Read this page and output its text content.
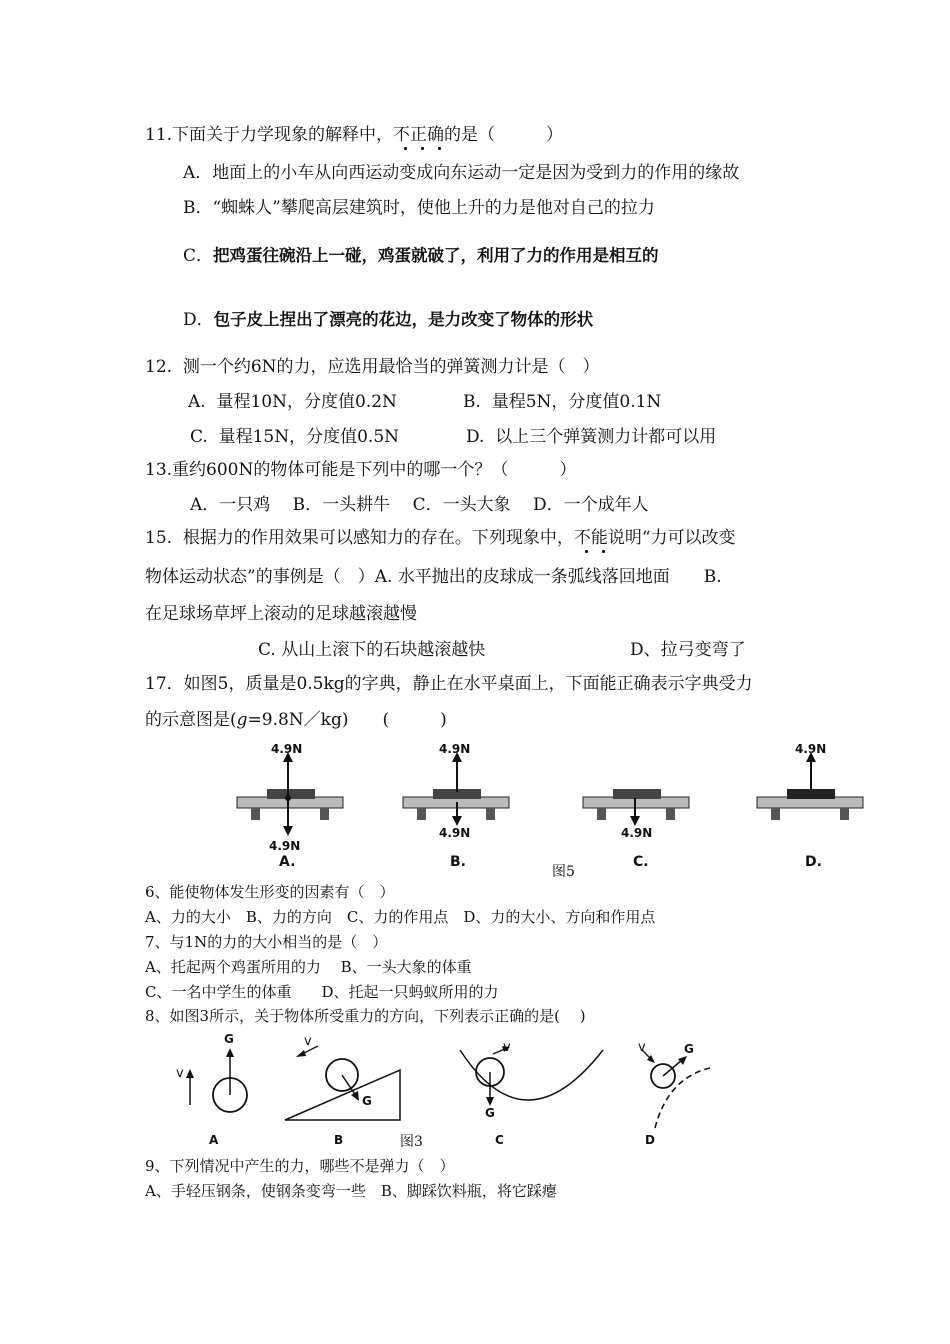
11.下面关于力学现象的解释中，不正确的是（　　　）
A．地面上的小车从向西运动变成向东运动一定是因为受到力的作用的缘故
B．“蜘蛛人”攀爬高层建筑时，使他上升的力是他对自己的拉力
C．把鸡蛋往碗沿上一碰，鸡蛋就破了，利用了力的作用是相互的
D．包子皮上捏出了漂亮的花边，是力改变了物体的形状
12.  测一个约6N的力，应选用最恰当的弹簧测力计是（　）
A.  量程10N，分度值0.2N	B.  量程5N，分度值0.1N
C.  量程15N，分度值0.5N	D.  以上三个弹簧测力计都可以用
13.重约600N的物体可能是下列中的哪一个？（　　　）
A．一只鸡　 B．一头耕牛　 C．一头大象　 D．一个成年人
15.  根据力的作用效果可以感知力的存在。下列现象中，不能说明“力可以改变
物体运动状态”的事例是（　）A. 水平抛出的皮球成一条弧线落回地面　　B.
在足球场草坪上滚动的足球越滚越慢
C. 从山上滚下的石块越滚越快	D、拉弓变弯了
17．如图5，质量是0.5kg的字典，静止在水平桌面上，下面能正确表示字典受力
的示意图是(g=9.8N／kg)　　(　　　)
4.9N
4.9N
A.
4.9N
4.9N
B.
4.9N
C.
4.9N
D.
图5
6、能使物体发生形变的因素有（　）
A、力的大小　B、力的方向　C、力的作用点　D、力的大小、方向和作用点
7、与1N的力的大小相当的是（　）
A、托起两个鸡蛋所用的力　 B、一头大象的体重
C、一名中学生的体重　　D、托起一只蚂蚁所用的力
8、如图3所示，关于物体所受重力的方向，下列表示正确的是(　 )
v
G
A
v
G
B	图3
v
G
C
v	G
D
9、下列情况中产生的力，哪些不是弹力（　）
A、手轻压钢条，使钢条变弯一些　B、脚踩饮料瓶，将它踩瘪
